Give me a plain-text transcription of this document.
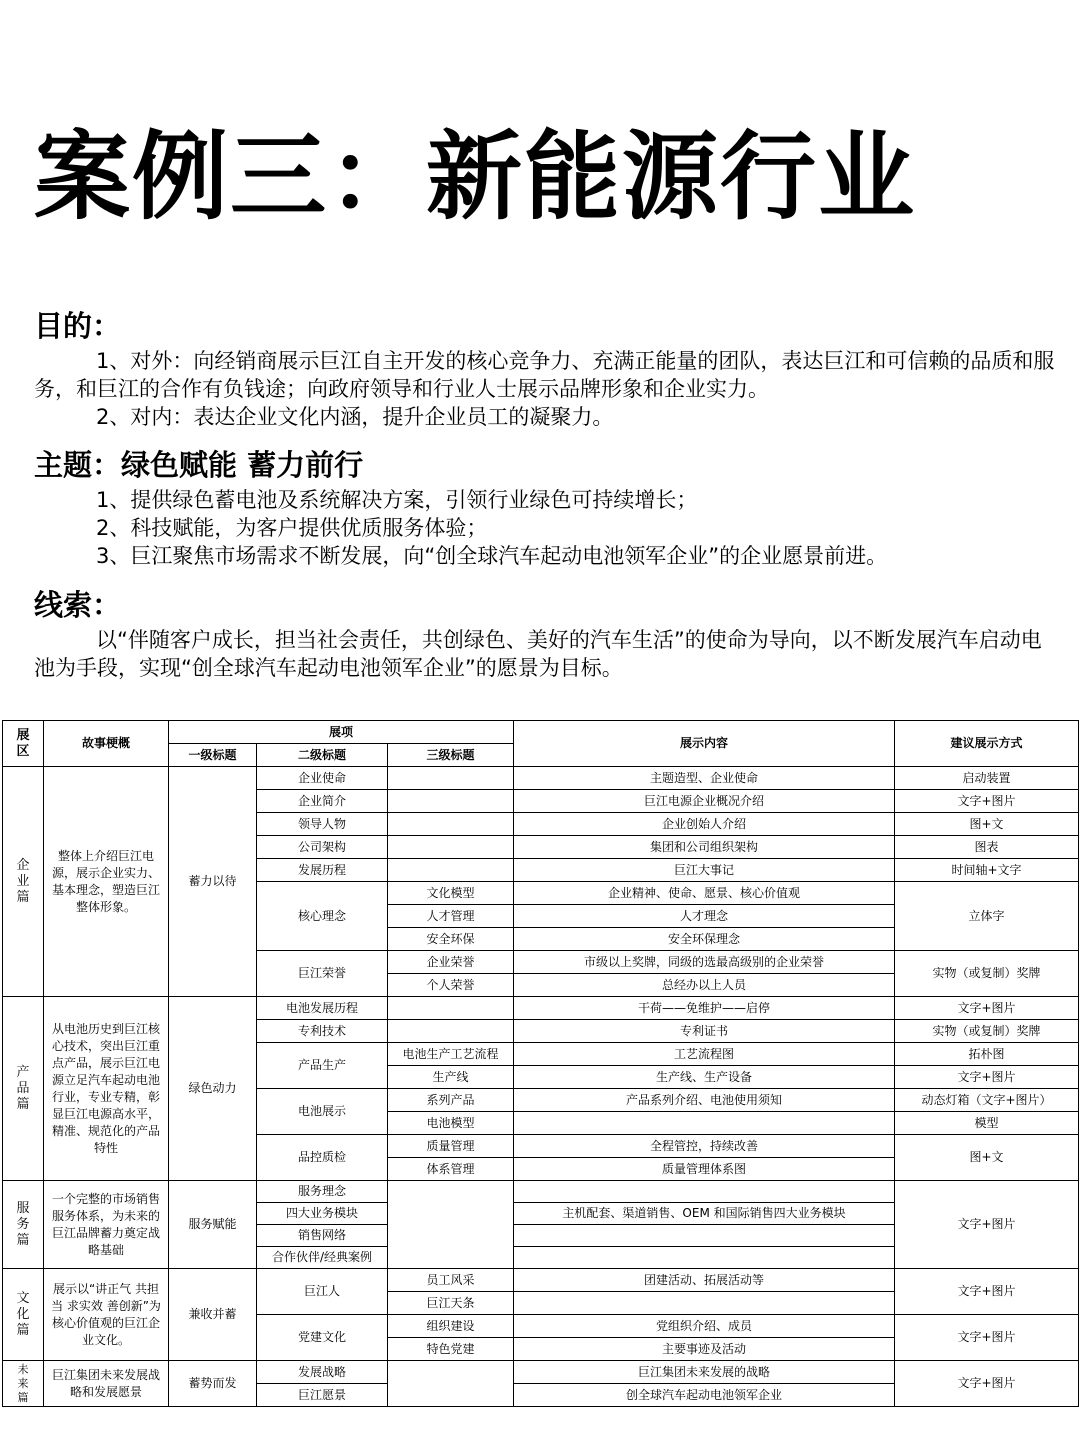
案例三：新能源行业
目的：

1、对外：向经销商展示巨江自主开发的核心竞争力、充满正能量的团队，表达巨江和可信赖的品质和服务，和巨江的合作有负钱途；向政府领导和行业人士展示品牌形象和企业实力。

2、对内：表达企业文化内涵，提升企业员工的凝聚力。

主题：绿色赋能 蓄力前行

1、提供绿色蓄电池及系统解决方案，引领行业绿色可持续增长；

2、科技赋能，为客户提供优质服务体验；

3、巨江聚焦市场需求不断发展，向“创全球汽车起动电池领军企业”的企业愿景前进。

线索：

以“伴随客户成长，担当社会责任，共创绿色、美好的汽车生活”的使命为导向，以不断发展汽车启动电池为手段，实现“创全球汽车起动电池领军企业”的愿景为目标。

展区	故事梗概	展项			展示内容	建议展示方式
		一级标题	二级标题	三级标题		

企业篇	整体上介绍巨江电源，展示企业实力、基本理念，塑造巨江整体形象。	蓄力以待	企业使命		主题造型、企业使命	启动装置
			企业简介		巨江电源企业概况介绍	文字+图片
			领导人物		企业创始人介绍	图+文
			公司架构		集团和公司组织架构	图表
			发展历程		巨江大事记	时间轴+文字
			核心理念	文化模型	企业精神、使命、愿景、核心价值观	立体字
				人才管理	人才理念	
				安全环保	安全环保理念	
			巨江荣誉	企业荣誉	市级以上奖牌，同级的选最高级别的企业荣誉	实物（或复制）奖牌
				个人荣誉	总经办以上人员	

产品篇	从电池历史到巨江核心技术，突出巨江重点产品，展示巨江电源立足汽车起动电池行业，专业专精，彰显巨江电源高水平，精准、规范化的产品特性	绿色动力	电池发展历程		干荷——免维护——启停	文字+图片
			专利技术		专利证书	实物（或复制）奖牌
			产品生产	电池生产工艺流程	工艺流程图	拓朴图
				生产线	生产线、生产设备	文字+图片
			电池展示	系列产品	产品系列介绍、电池使用须知	动态灯箱（文字+图片）
				电池模型		模型
			品控质检	质量管理	全程管控，持续改善	图+文
				体系管理	质量管理体系图	

服务篇	一个完整的市场销售服务体系，为未来的巨江品牌蓄力奠定战略基础	服务赋能	服务理念			文字+图片
			四大业务模块		主机配套、渠道销售、OEM 和国际销售四大业务模块	
			销售网络			
			合作伙伴/经典案例			

文化篇	展示以“讲正气 共担当 求实效 善创新”为核心价值观的巨江企业文化。	兼收并蓄	巨江人	员工风采	团建活动、拓展活动等	文字+图片
				巨江天条		
			党建文化	组织建设	党组织介绍、成员	文字+图片
				特色党建	主要事迹及活动	

未来篇	巨江集团未来发展战略和发展愿景	蓄势而发	发展战略		巨江集团未来发展的战略	文字+图片
			巨江愿景		创全球汽车起动电池领军企业	
